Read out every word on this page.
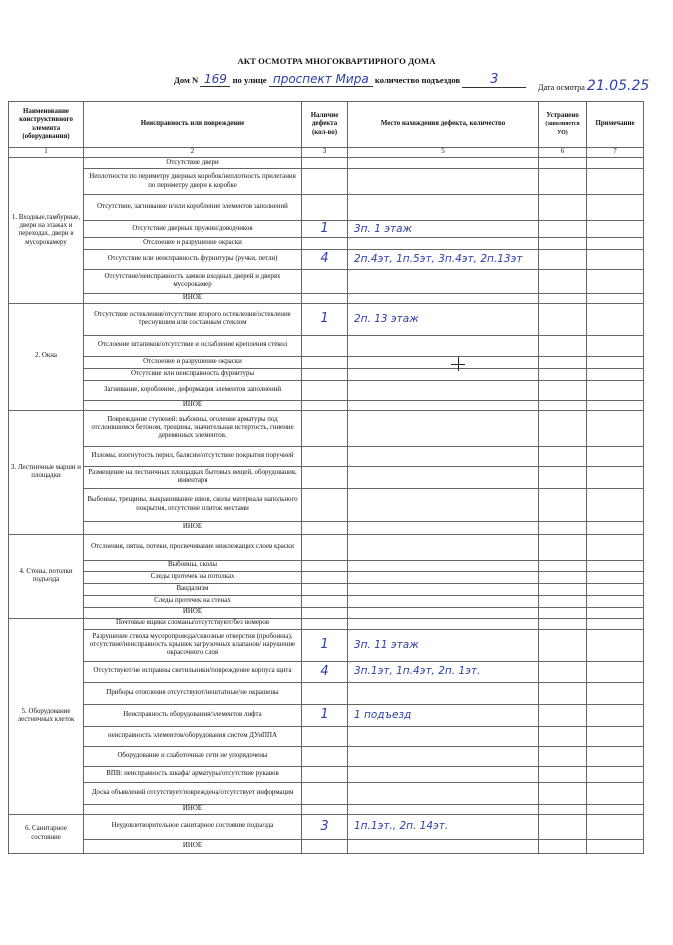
АКТ ОСМОТРА МНОГОКВАРТИРНОГО ДОМА
Дом N 169 по улице проспект Мира количество подъездов 3
Дата осмотра 21.05.25
Наименование конструктивного элемента (оборудования)	Неисправность или повреждение	Наличие дефекта (кол-во)	Место нахождения дефекта, количество	Устранено
(заполняется УО)	Примечание
1	2	3	5	6	7
1. Входные,тамбурные, двери на этажах и переходах, двери в мусорокамеру	Отсутствие двери				
	Неплотности по периметру дверных коробок/неплотность прилегания по периметру двери к коробке				
	Отсутствие, загнивание и/или коробление элементов заполнений				
	Отсутствие дверных пружин/доводчиков	1	3п. 1 этаж		
	Отслоение и разрушение окраски				
	Отсутствие или неисправность фурнитуры (ручки, петли)	4	2п.4эт, 1п.5эт, 3п.4эт, 2п.13эт		
	Отсутствие/неисправность замков входных дверей и дверях мусорокамер				
	ИНОЕ				
2. Окна	Отсутствие остекления/отсутствие второго остекления/остекление треснувшим или составным стеклом	1	2п. 13 этаж		
	Отслоение штапиков/отсутствие и ослабление крепления стекол				
	Отслоение и разрушение окраски				
	Отсутсвие или неисправность фурнитуры				
	Загнивание, коробление, деформация элементов заполнений				
	ИНОЕ				
3. Лестничные марши и площадки	Повреждение ступеней: выбоины, оголение арматуры под отслоившимся бетоном, трещины, значительная истертость, гниение деревянных элементов.				
	Изломы, изогнутость перил, балясин/отсутствие покрытия поручней				
	Размещение на лестничных площадках бытовых вещей, оборудования, инвентаря				
	Выбоины, трещины, выкрашивание швов, сколы материала напольного покрытия, отсутствие плиток местами				
	ИНОЕ				
4. Стены, потолки подъезда	Отслоения, пятна, потеки, просвечивание нижлежащих слоев краски				
	Выбоины, сколы				
	Следы протечек на потолках				
	Вандализм				
	Следы протечек на стенах				
	ИНОЕ				
5. Оборудование лестничных клеток	Почтовые ящики сломаны/отсутствуют/без номеров				
	Разрушение ствола мусоропровода/сквозные отверстия (пробоины), отсутствие/неисправность крышек загрузочных клапанов/ нарушение окрасочного слоя	1	3п. 11 этаж		
	Отсутствуют/не исправны светильники/повреждение корпуса щита	4	3п.1эт, 1п.4эт, 2п. 1эт.		
	Приборы отопления отсутствуют/нештатные/не окрашены				
	Неисправность оборудования/элементов лифта	1	1 подъезд		
	неисправность элементов/оборудования систем ДУиППА				
	Оборудование и слаботочные сети не упорядочены				
	ВПВ: неисправность шкафа/ арматуры/отсутствие рукавов				
	Доска объявлений отсутствует/повреждена/отсутствует информация				
	ИНОЕ				
6. Санитарное состояние	Неудовлетворительное санитарное состояние подъезда	3	1п.1эт., 2п. 14эт.		
	ИНОЕ				
